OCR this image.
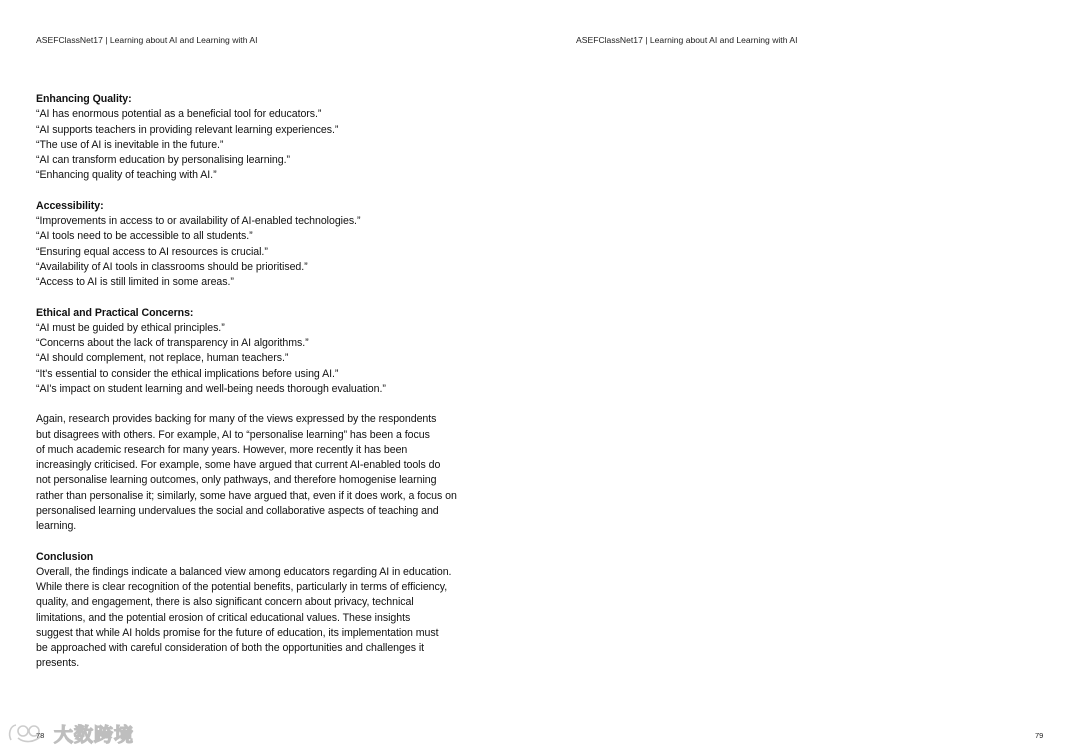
ASEFClassNet17 | Learning about AI and Learning with AI

Enhancing Quality:

“AI has enormous potential as a beneficial tool for educators.”

“AI supports teachers in providing relevant learning experiences.”

“The use of AI is inevitable in the future.”

“AI can transform education by personalising learning.”

“Enhancing quality of teaching with AI.”

Accessibility:

“Improvements in access to or availability of AI-enabled technologies.”

“AI tools need to be accessible to all students.”

“Ensuring equal access to AI resources is crucial.”

“Availability of AI tools in classrooms should be prioritised.”

“Access to AI is still limited in some areas.”

Ethical and Practical Concerns:

“AI must be guided by ethical principles.”

“Concerns about the lack of transparency in AI algorithms.”

“AI should complement, not replace, human teachers.”

“It's essential to consider the ethical implications before using AI.”

“AI's impact on student learning and well-being needs thorough evaluation.”

Again, research provides backing for many of the views expressed by the respondents

but disagrees with others. For example, AI to “personalise learning” has been a focus

of much academic research for many years. However, more recently it has been

increasingly criticised. For example, some have argued that current AI-enabled tools do

not personalise learning outcomes, only pathways, and therefore homogenise learning

rather than personalise it; similarly, some have argued that, even if it does work, a focus on

personalised learning undervalues the social and collaborative aspects of teaching and

learning.

Conclusion

Overall, the findings indicate a balanced view among educators regarding AI in education.

While there is clear recognition of the potential benefits, particularly in terms of efficiency,

quality, and engagement, there is also significant concern about privacy, technical

limitations, and the potential erosion of critical educational values. These insights

suggest that while AI holds promise for the future of education, its implementation must

be approached with careful consideration of both the opportunities and challenges it

presents.

78
ASEFClassNet17 | Learning about AI and Learning with AI
79
大数跨境
